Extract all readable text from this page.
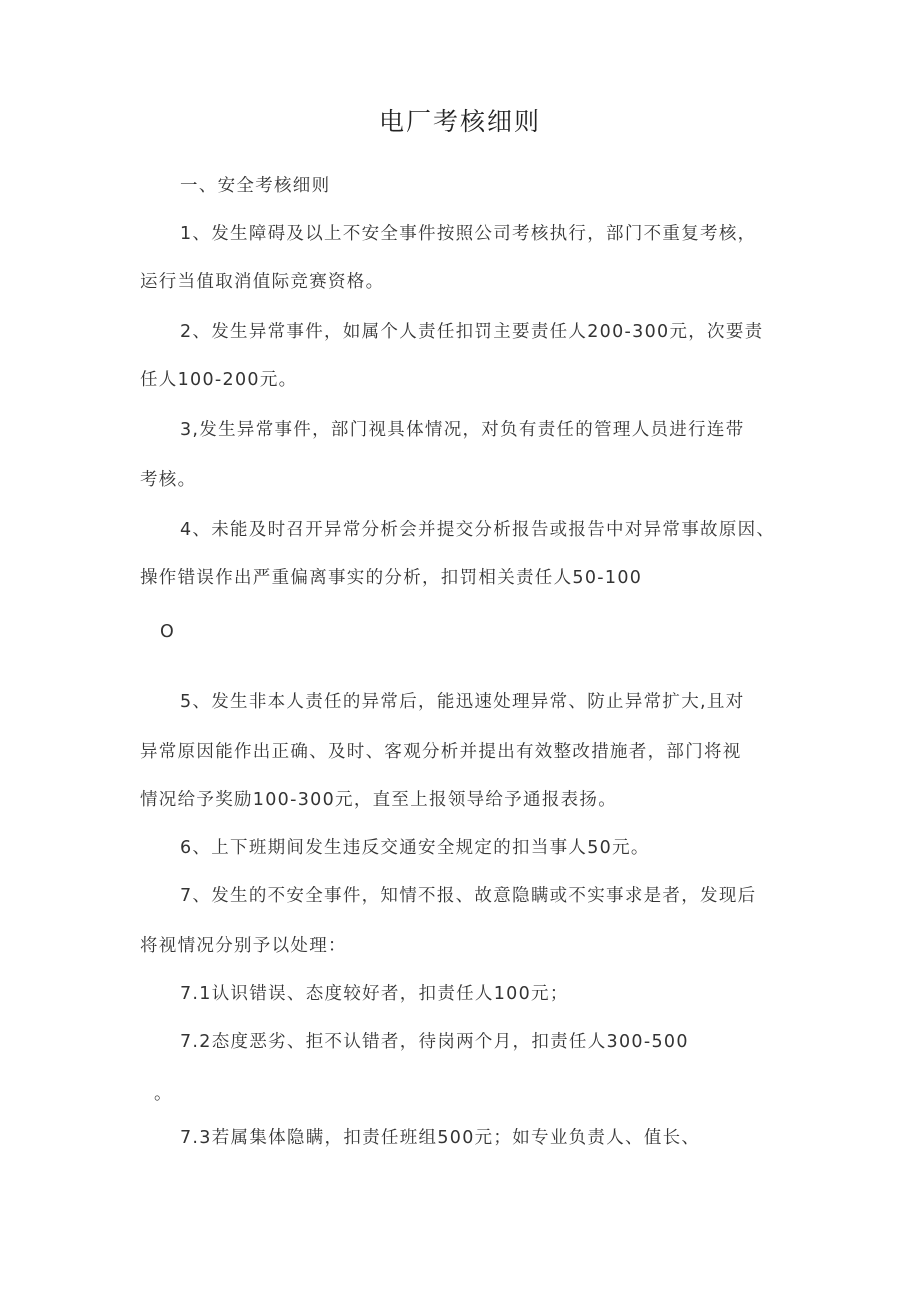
电厂考核细则
一、安全考核细则
1、发生障碍及以上不安全事件按照公司考核执行，部门不重复考核，
运行当值取消值际竞赛资格。
2、发生异常事件，如属个人责任扣罚主要责任人200-300元，次要责
任人100-200元。
3,发生异常事件，部门视具体情况，对负有责任的管理人员进行连带
考核。
4、未能及时召开异常分析会并提交分析报告或报告中对异常事故原因、
操作错误作出严重偏离事实的分析，扣罚相关责任人50-100
O
5、发生非本人责任的异常后，能迅速处理异常、防止异常扩大,且对
异常原因能作出正确、及时、客观分析并提出有效整改措施者，部门将视
情况给予奖励100-300元，直至上报领导给予通报表扬。
6、上下班期间发生违反交通安全规定的扣当事人50元。
7、发生的不安全事件，知情不报、故意隐瞒或不实事求是者，发现后
将视情况分别予以处理：
7.1认识错误、态度较好者，扣责任人100元；
7.2态度恶劣、拒不认错者，待岗两个月，扣责任人300-500
。
7.3若属集体隐瞒，扣责任班组500元；如专业负责人、值长、
